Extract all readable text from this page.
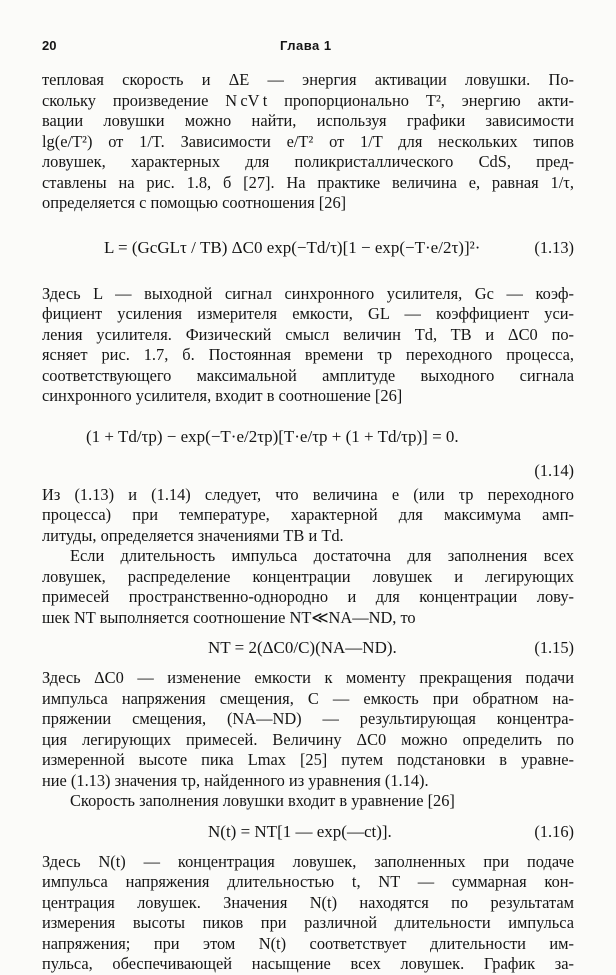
20	Глава 1
тепловая скорость и ΔE — энергия активации ловушки. По-
скольку произведение N cV t пропорционально T², энергию акти-
вации ловушки можно найти, используя графики зависимости
lg(e/T²) от 1/T. Зависимости e/T² от 1/T для нескольких типов
ловушек, характерных для поликристаллического CdS, пред-
ставлены на рис. 1.8, б [27]. На практике величина e, равная 1/τ,
определяется с помощью соотношения [26]
L = (GcGLτ / TB) ΔC0 exp(−Td/τ)[1 − exp(−T·e/2τ)]²·	(1.13)
Здесь L — выходной сигнал синхронного усилителя, Gc — коэф-
фициент усиления измерителя емкости, GL — коэффициент уси-
ления усилителя. Физический смысл величин Td, TB и ΔC0 по-
ясняет рис. 1.7, б. Постоянная времени τp переходного процесса,
соответствующего максимальной амплитуде выходного сигнала
синхронного усилителя, входит в соотношение [26]
(1 + Td/τp) − exp(−T·e/2τp)[T·e/τp + (1 + Td/τp)] = 0.
(1.14)
Из (1.13) и (1.14) следует, что величина e (или τp переходного
процесса) при температуре, характерной для максимума амп-
литуды, определяется значениями TB и Td.
Если длительность импульса достаточна для заполнения всех
ловушек, распределение концентрации ловушек и легирующих
примесей пространственно-однородно и для концентрации лову-
шек NT выполняется соотношение NT≪NA—ND, то
NT = 2(ΔC0/C)(NA—ND).	(1.15)
Здесь ΔC0 — изменение емкости к моменту прекращения подачи
импульса напряжения смещения, C — емкость при обратном на-
пряжении смещения, (NA—ND) — результирующая концентра-
ция легирующих примесей. Величину ΔC0 можно определить по
измеренной высоте пика Lmax [25] путем подстановки в уравне-
ние (1.13) значения τp, найденного из уравнения (1.14).
Скорость заполнения ловушки входит в уравнение [26]
N(t) = NT[1 — exp(—ct)].	(1.16)
Здесь N(t) — концентрация ловушек, заполненных при подаче
импульса напряжения длительностью t, NT — суммарная кон-
центрация ловушек. Значения N(t) находятся по результатам
измерения высоты пиков при различной длительности импульса
напряжения; при этом N(t) соответствует длительности им-
пульса, обеспечивающей насыщение всех ловушек. График за-
